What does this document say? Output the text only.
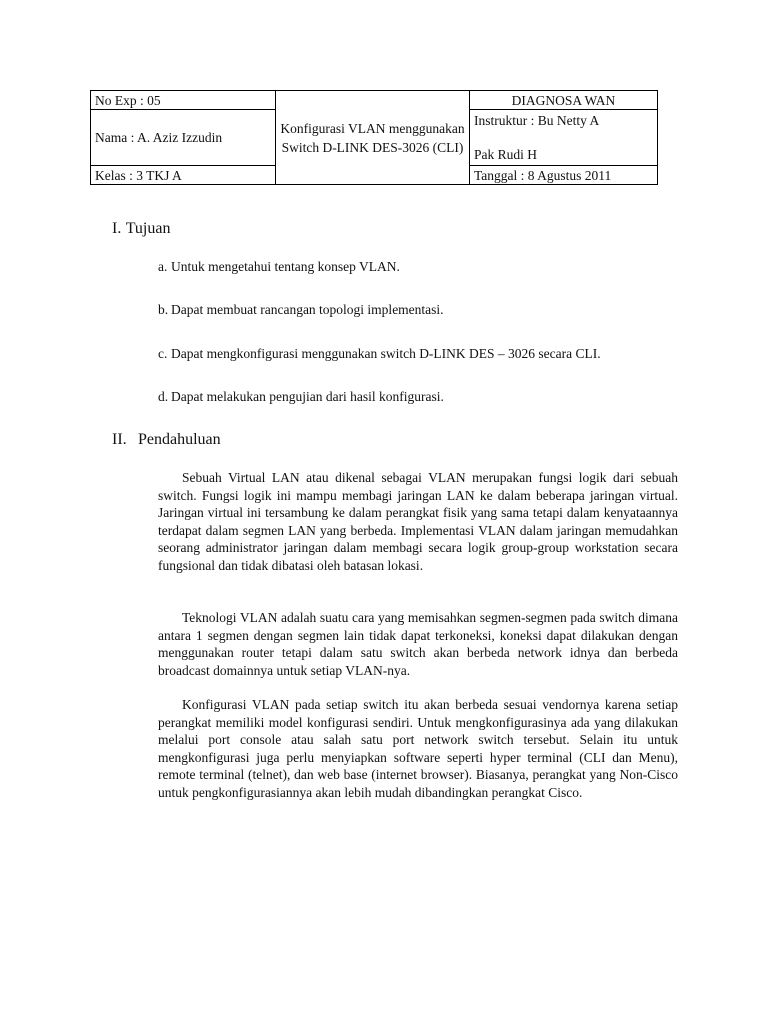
No Exp : 05	Konfigurasi VLAN menggunakan Switch D-LINK DES-3026 (CLI)	DIAGNOSA WAN
Nama : A. Aziz Izzudin		Instruktur : Bu Netty A
Pak Rudi H

Kelas : 3 TKJ A		Tanggal : 8 Agustus 2011
I. Tujuan

a. Untuk mengetahui tentang konsep VLAN.

b. Dapat membuat rancangan topologi implementasi.

c. Dapat mengkonfigurasi menggunakan switch D-LINK DES – 3026 secara CLI.

d. Dapat melakukan pengujian dari hasil konfigurasi.

II. Pendahuluan

Sebuah Virtual LAN atau dikenal sebagai VLAN merupakan fungsi logik dari sebuah switch. Fungsi logik ini mampu membagi jaringan LAN ke dalam beberapa jaringan virtual. Jaringan virtual ini tersambung ke dalam perangkat fisik yang sama tetapi dalam kenyataannya terdapat dalam segmen LAN yang berbeda. Implementasi VLAN dalam jaringan memudahkan seorang administrator jaringan dalam membagi secara logik group-group workstation secara fungsional dan tidak dibatasi oleh batasan lokasi.

Teknologi VLAN adalah suatu cara yang memisahkan segmen-segmen pada switch dimana antara 1 segmen dengan segmen lain tidak dapat terkoneksi, koneksi dapat dilakukan dengan menggunakan router tetapi dalam satu switch akan berbeda network idnya dan berbeda broadcast domainnya untuk setiap VLAN-nya.

Konfigurasi VLAN pada setiap switch itu akan berbeda sesuai vendornya karena setiap perangkat memiliki model konfigurasi sendiri. Untuk mengkonfigurasinya ada yang dilakukan melalui port console atau salah satu port network switch tersebut. Selain itu untuk mengkonfigurasi juga perlu menyiapkan software seperti hyper terminal (CLI dan Menu), remote terminal (telnet), dan web base (internet browser). Biasanya, perangkat yang Non-Cisco untuk pengkonfigurasiannya akan lebih mudah dibandingkan perangkat Cisco.
